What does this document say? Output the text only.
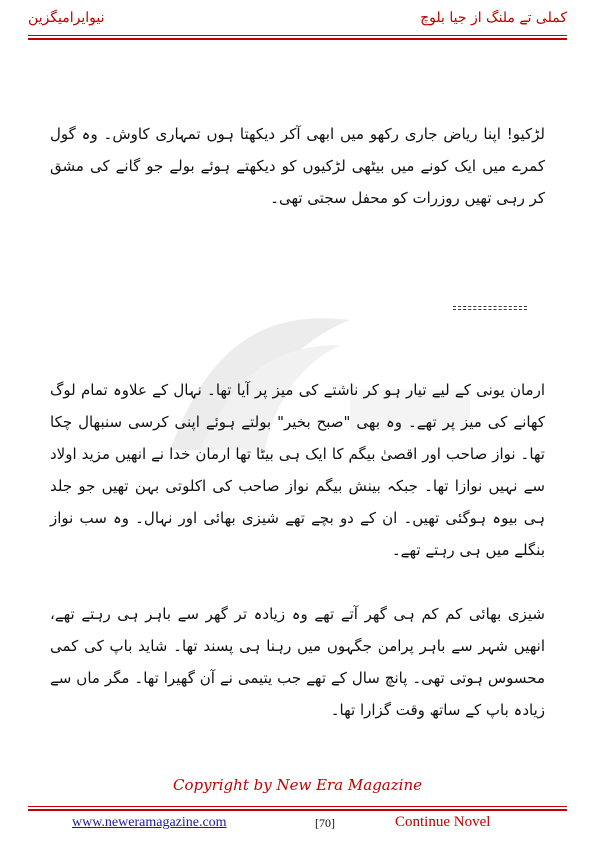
نیوایرامیگزین	کملی تے ملنگ از جیا بلوچ
لڑکیو! اپنا ریاض جاری رکھو میں ابھی آکر دیکھتا ہوں تمہاری کاوش۔ وہ گول کمرے میں ایک کونے میں بیٹھی لڑکیوں کو دیکھتے ہوئے بولے جو گانے کی مشق کر رہی تھیں روزرات کو محفل سجتی تھی۔
ارمان یونی کے لیے تیار ہو کر ناشتے کی میز پر آیا تھا۔ نہال کے علاوہ تمام لوگ کھانے کی میز پر تھے۔ وہ بھی "صبح بخیر" بولتے ہوئے اپنی کرسی سنبھال چکا تھا۔ نواز صاحب اور اقصیٰ بیگم کا ایک ہی بیٹا تھا ارمان خدا نے انھیں مزید اولاد سے نہیں نوازا تھا۔ جبکہ بینش بیگم نواز صاحب کی اکلوتی بہن تھیں جو جلد ہی بیوہ ہوگئی تھیں۔ ان کے دو بچے تھے شیزی بھائی اور نہال۔ وہ سب نواز بنگلے میں ہی رہتے تھے۔
شیزی بھائی کم کم ہی گھر آتے تھے وہ زیادہ تر گھر سے باہر ہی رہتے تھے، انھیں شہر سے باہر پرامن جگہوں میں رہنا ہی پسند تھا۔ شاید باپ کی کمی محسوس ہوتی تھی۔ پانچ سال کے تھے جب یتیمی نے آن گھیرا تھا۔ مگر ماں سے زیادہ باپ کے ساتھ وقت گزارا تھا۔
Copyright by New Era Magazine
www.neweramagazine.com	[70]	Continue Novel
